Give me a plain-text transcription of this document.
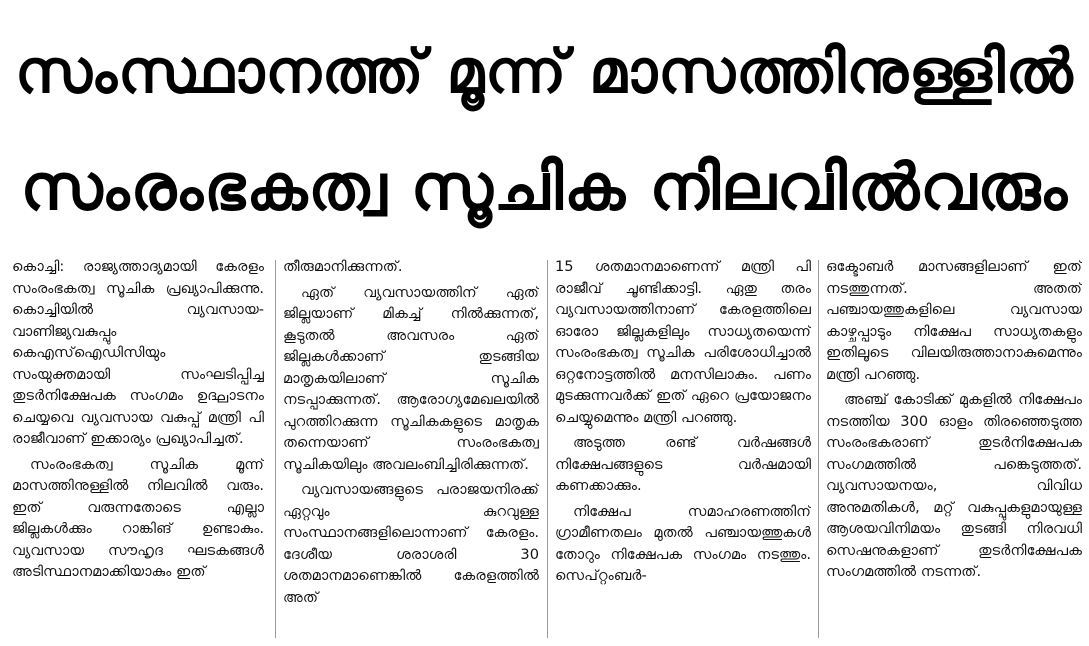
സംസ്ഥാനത്ത് മൂന്ന് മാസത്തിനുള്ളിൽ
സംരംഭകത്വ സൂചിക നിലവിൽവരും

കൊച്ചി: രാജ്യത്താദ്യമായി കേരളം സംരംഭകത്വ സൂചിക പ്രഖ്യാപിക്കുന്നു. കൊച്ചിയിൽ വ്യവസായ-വാണിജ്യവകുപ്പും കെഎസ്ഐഡിസിയും സംയുക്തമായി സംഘടിപ്പിച്ച തുടർനിക്ഷേപക സംഗമം ഉദ്ഘാടനം ചെയ്യവെ വ്യവസായ വകുപ്പ് മന്ത്രി പി രാജീവാണ് ഇക്കാര്യം പ്രഖ്യാപിച്ചത്.

സംരംഭകത്വ സൂചിക മൂന്ന് മാസത്തിനുള്ളിൽ നിലവിൽ വരും. ഇത് വരുന്നതോടെ എല്ലാ ജില്ലകൾക്കും റാങ്കിങ് ഉണ്ടാകും. വ്യവസായ സൗഹൃദ ഘടകങ്ങൾ അടിസ്ഥാനമാക്കിയാകും ഇത്

തീരുമാനിക്കുന്നത്.

ഏത് വ്യവസായത്തിന് ഏത് ജില്ലയാണ് മികച്ച് നിൽക്കുന്നത്, കൂടുതൽ അവസരം ഏത് ജില്ലകൾക്കാണ് തുടങ്ങിയ മാതൃകയിലാണ് സൂചിക നടപ്പാക്കുന്നത്. ആരോഗ്യമേഖലയിൽ പുറത്തിറക്കുന്ന സൂചികകളുടെ മാതൃക തന്നെയാണ് സംരംഭകത്വ സൂചികയിലും അവലംബിച്ചിരിക്കുന്നത്.

വ്യവസായങ്ങളുടെ പരാജയനിരക്ക് ഏറ്റവും കുറവുള്ള സംസ്ഥാനങ്ങളിലൊന്നാണ് കേരളം. ദേശീയ ശരാശരി 30 ശതമാനമാണെങ്കിൽ കേരളത്തിൽ അത്

15 ശതമാനമാണെന്ന് മന്ത്രി പി രാജീവ് ചൂണ്ടിക്കാട്ടി. ഏതു തരം വ്യവസായത്തിനാണ് കേരളത്തിലെ ഓരോ ജില്ലകളിലും സാധ്യതയെന്ന് സംരംഭകത്വ സൂചിക പരിശോധിച്ചാൽ ഒറ്റനോട്ടത്തിൽ മനസിലാകും. പണം മുടക്കുന്നവർക്ക് ഇത് ഏറെ പ്രയോജനം ചെയ്യുമെന്നും മന്ത്രി പറഞ്ഞു.

അടുത്ത രണ്ട് വർഷങ്ങൾ നിക്ഷേപങ്ങളുടെ വർഷമായി കണക്കാക്കും.

നിക്ഷേപ സമാഹരണത്തിന് ഗ്രാമീണതലം മുതൽ പഞ്ചായത്തുകൾ തോറും നിക്ഷേപക സംഗമം നടത്തും. സെപ്റ്റംബർ-

ഒക്ടോബർ മാസങ്ങളിലാണ് ഇത് നടത്തുന്നത്. അതത് പഞ്ചായത്തുകളിലെ വ്യവസായ കാഴ്ചപ്പാടും നിക്ഷേപ സാധ്യതകളും ഇതിലൂടെ വിലയിരുത്താനാകുമെന്നും മന്ത്രി പറഞ്ഞു.

അഞ്ച് കോടിക്ക് മുകളിൽ നിക്ഷേപം നടത്തിയ 300 ഓളം തിരഞ്ഞെടുത്ത സംരംഭകരാണ് തുടർനിക്ഷേപക സംഗമത്തിൽ പങ്കെടുത്തത്. വ്യവസായനയം, വിവിധ അനുമതികൾ, മറ്റ് വകുപ്പുകളുമായുള്ള ആശയവിനിമയം തുടങ്ങി നിരവധി സെഷനുകളാണ് തുടർനിക്ഷേപക സംഗമത്തിൽ നടന്നത്.
